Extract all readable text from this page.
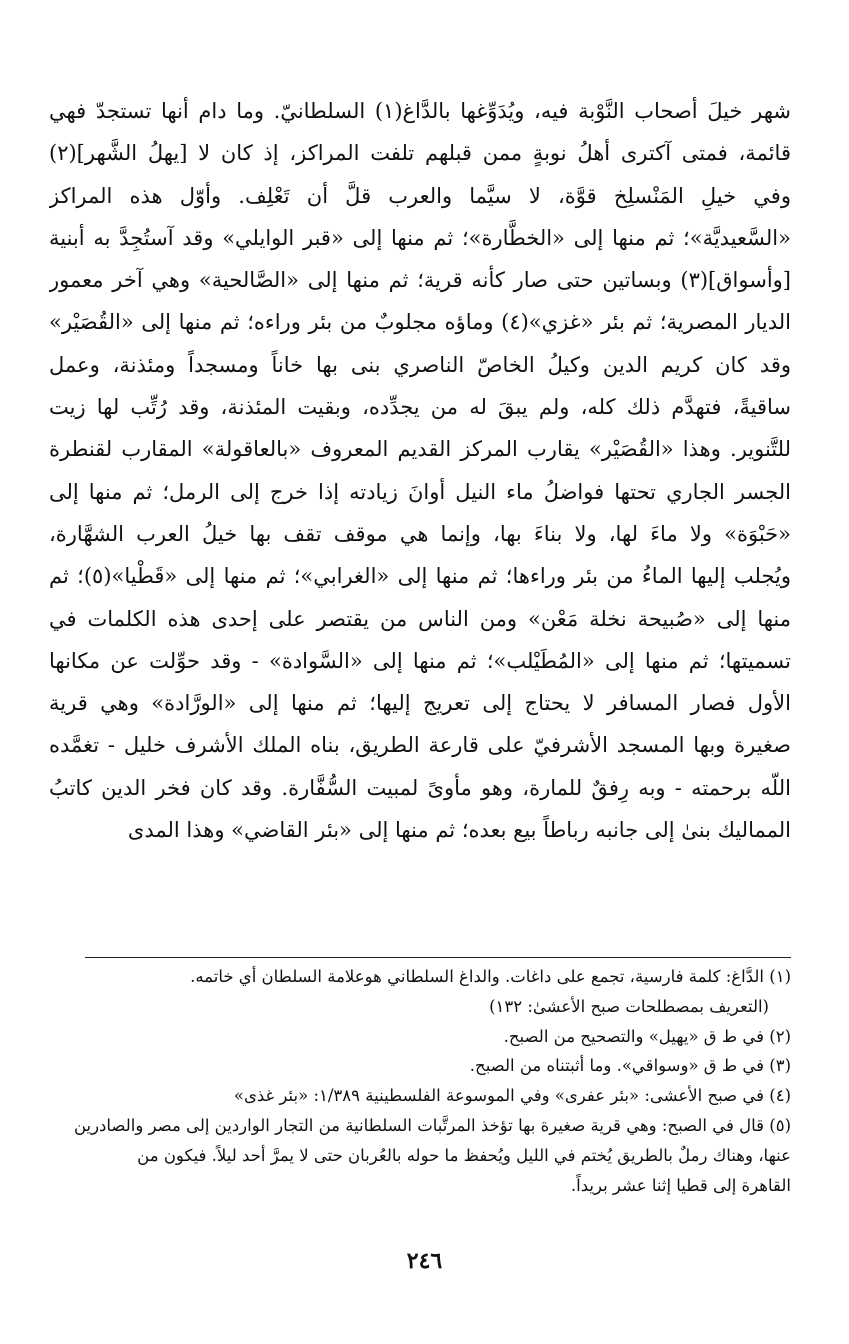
شهر خيلَ أصحاب النَّوْبة فيه، ويُدَوِّغها بالدَّاغ(١) السلطانيّ. وما دام أنها تستجدّ فهي
قائمة، فمتى آكترى أهلُ نوبةٍ ممن قبلهم تلفت المراكز، إذ كان لا [يهلُ الشَّهر](٢)
وفي خيلِ المَنْسلِخ قوَّة، لا سيَّما والعرب قلَّ أن تَعْلِف. وأوّل هذه المراكز
«السَّعيديَّة»؛ ثم منها إلى «الخطَّارة»؛ ثم منها إلى «قبر الوايلي» وقد آستُجِدَّ به أبنية
[وأسواق](٣) وبساتين حتى صار كأنه قرية؛ ثم منها إلى «الصَّالحية» وهي آخر معمور
الديار المصرية؛ ثم بئر «غزي»(٤) وماؤه مجلوبٌ من بئر وراءه؛ ثم منها إلى «القُصَيْر»
وقد كان كريم الدين وكيلُ الخاصّ الناصري بنى بها خاناً ومسجداً ومئذنة، وعمل
ساقيةً، فتهدَّم ذلك كله، ولم يبقَ له من يجدِّده، وبقيت المئذنة، وقد رُتِّب لها زيت
للتَّنوير. وهذا «القُصَيْر» يقارب المركز القديم المعروف «بالعاقولة» المقارب لقنطرة
الجسر الجاري تحتها فواضلُ ماء النيل أوانَ زيادته إذا خرج إلى الرمل؛ ثم منها إلى
«حَبْوَة» ولا ماءَ لها، ولا بناءَ بها، وإنما هي موقف تقف بها خيلُ العرب الشهَّارة،
ويُجلب إليها الماءُ من بئر وراءها؛ ثم منها إلى «الغرابي»؛ ثم منها إلى «قَطْيا»(٥)؛ ثم
منها إلى «صُبيحة نخلة مَعْن» ومن الناس من يقتصر على إحدى هذه الكلمات في
تسميتها؛ ثم منها إلى «المُطَيْلب»؛ ثم منها إلى «السَّوادة» - وقد حوِّلت عن مكانها
الأول فصار المسافر لا يحتاج إلى تعريج إليها؛ ثم منها إلى «الورَّادة» وهي قرية
صغيرة وبها المسجد الأشرفيّ على قارعة الطريق، بناه الملك الأشرف خليل - تغمَّده
اللّه برحمته - وبه رِفقٌ للمارة، وهو مأوىً لمبيت السُّفَّارة. وقد كان فخر الدين كاتبُ
المماليك بنىٰ إلى جانبه رباطاً بيع بعده؛ ثم منها إلى «بئر القاضي» وهذا المدى
(١) الدَّاغ: كلمة فارسية، تجمع على داغات. والداغ السلطاني هوعلامة السلطان أي خاتمه.
(التعريف بمصطلحات صبح الأعشىٰ: ١٣٢)
(٢) في ط ق «يهيل» والتصحيح من الصبح.
(٣) في ط ق «وسواقي». وما أثبتناه من الصبح.
(٤) في صبح الأعشى: «بئر عفرى» وفي الموسوعة الفلسطينية ١/٣٨٩: «بئر غذى»
(٥) قال في الصبح: وهي قرية صغيرة بها تؤخذ المرتَّبات السلطانية من التجار الواردين إلى مصر والصادرين
عنها، وهناك رملٌ بالطريق يُختم في الليل ويُحفظ ما حوله بالعُربان حتى لا يمرَّ أحد ليلاً. فيكون من
القاهرة إلى قطيا إثنا عشر بريداً.
٢٤٦
